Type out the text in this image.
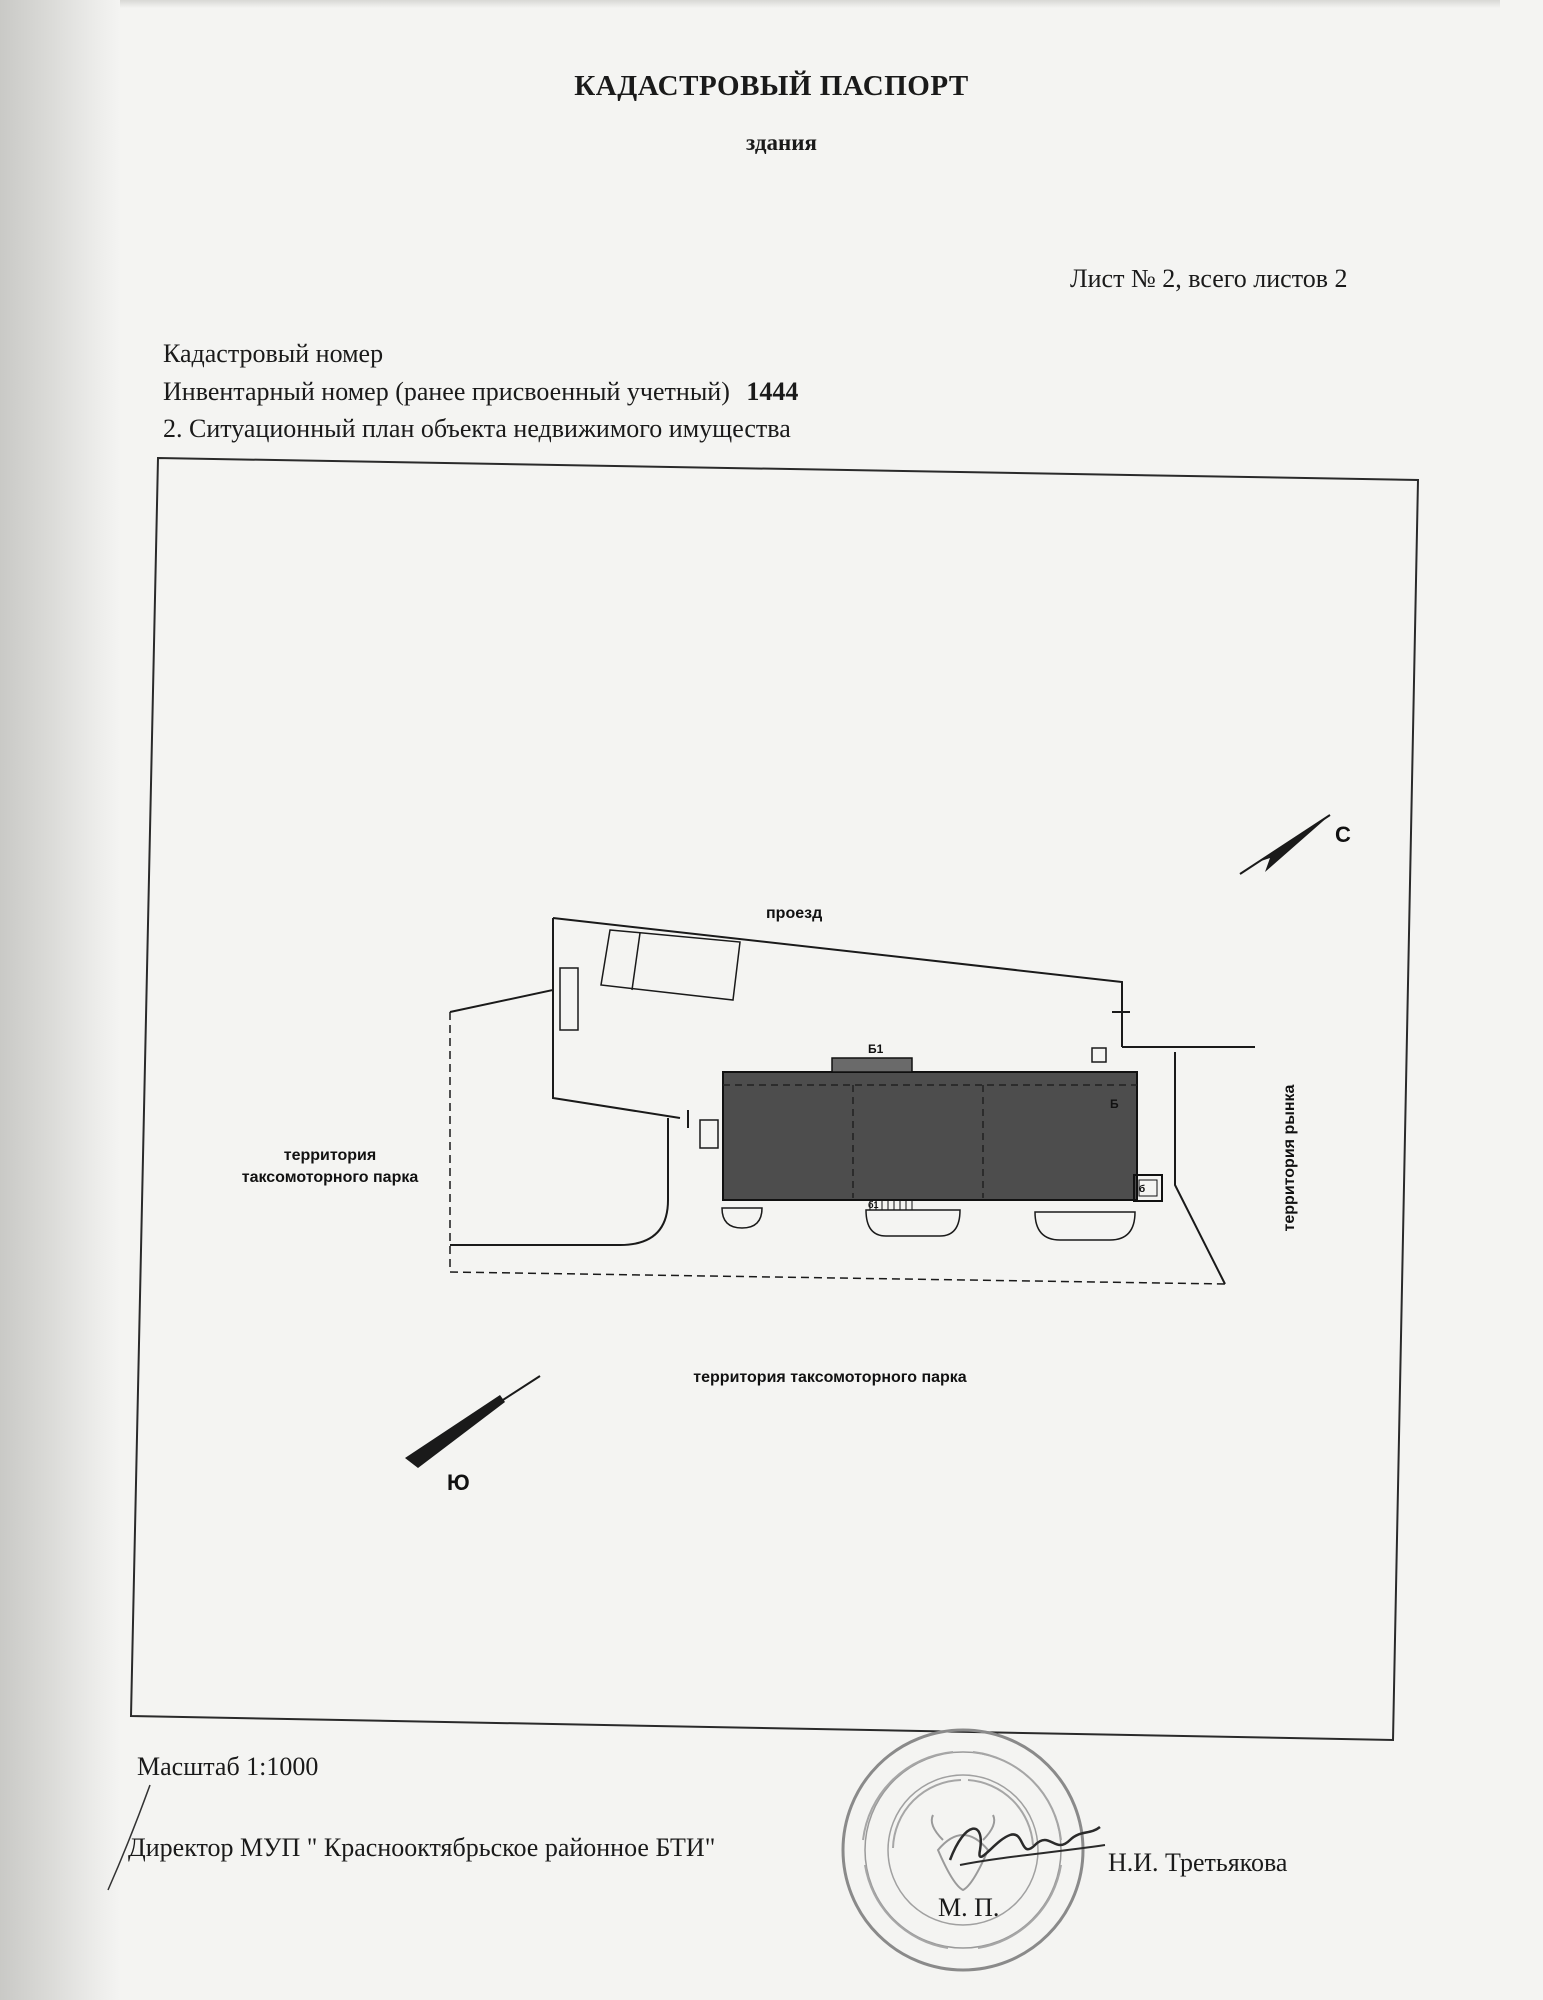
КАДАСТРОВЫЙ ПАСПОРТ
здания
Лист № 2, всего листов 2
Кадастровый номер
Инвентарный номер (ранее присвоенный учетный) 1444
2. Ситуационный план объекта недвижимого имущества
С
Ю
проезд
территория
таксомоторного парка
территория таксомоторного парка
территория рынка
Б
Б1
б1
б
Масштаб 1:1000
Директор МУП " Краснооктябрьское районное БТИ"
Н.И. Третьякова
М. П.
